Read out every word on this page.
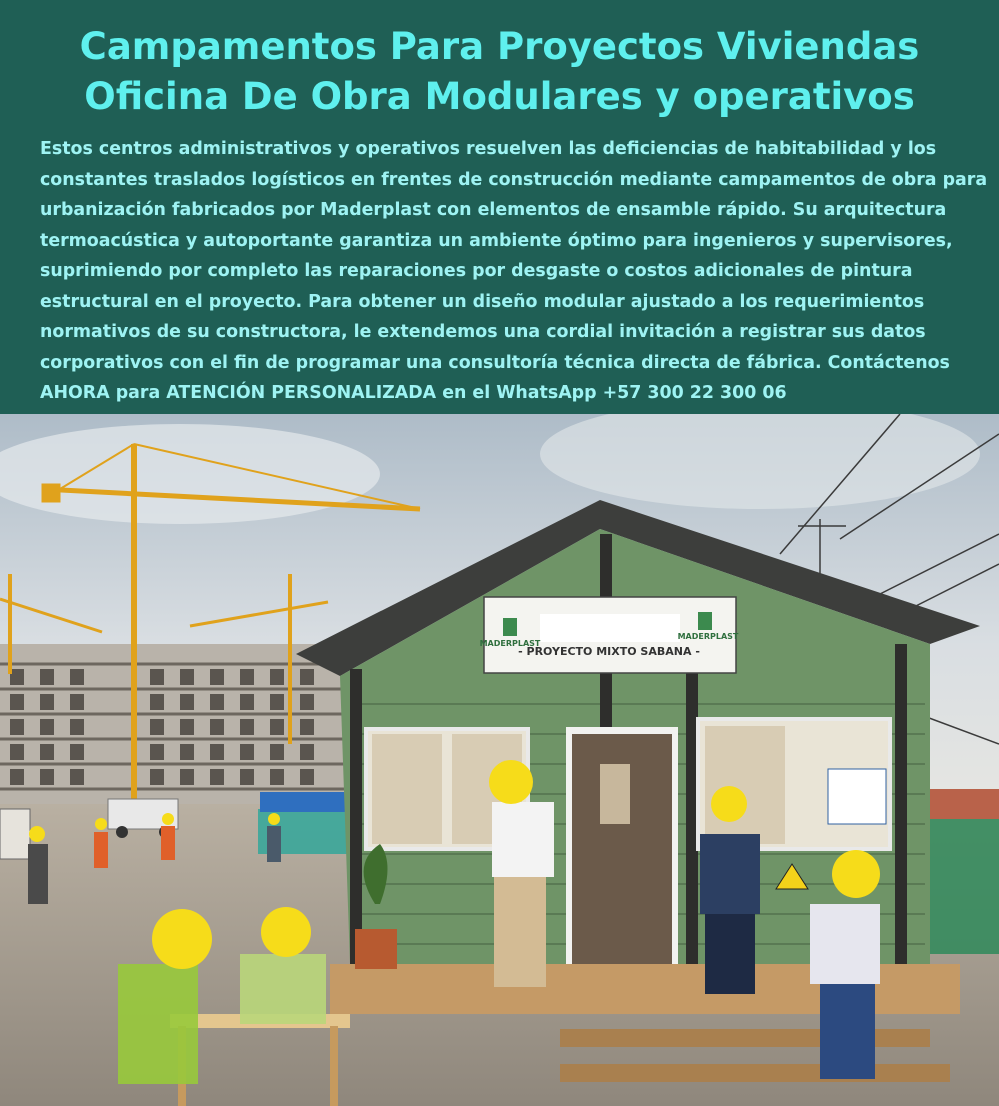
Campamentos Para Proyectos Viviendas
Oficina De Obra Modulares y operativos

Estos centros administrativos y operativos resuelven las deficiencias de habitabilidad y los constantes traslados logísticos en frentes de construcción mediante campamentos de obra para urbanización fabricados por Maderplast con elementos de ensamble rápido. Su arquitectura termoacústica y autoportante garantiza un ambiente óptimo para ingenieros y supervisores, suprimiendo por completo las reparaciones por desgaste o costos adicionales de pintura estructural en el proyecto. Para obtener un diseño modular ajustado a los requerimientos normativos de su constructora, le extendemos una cordial invitación a registrar sus datos corporativos con el fin de programar una consultoría técnica directa de fábrica. Contáctenos AHORA para ATENCIÓN PERSONALIZADA en el WhatsApp +57 300 22 300 06

MADERPLAST
MADERPLAST
- PROYECTO MIXTO SABANA -
